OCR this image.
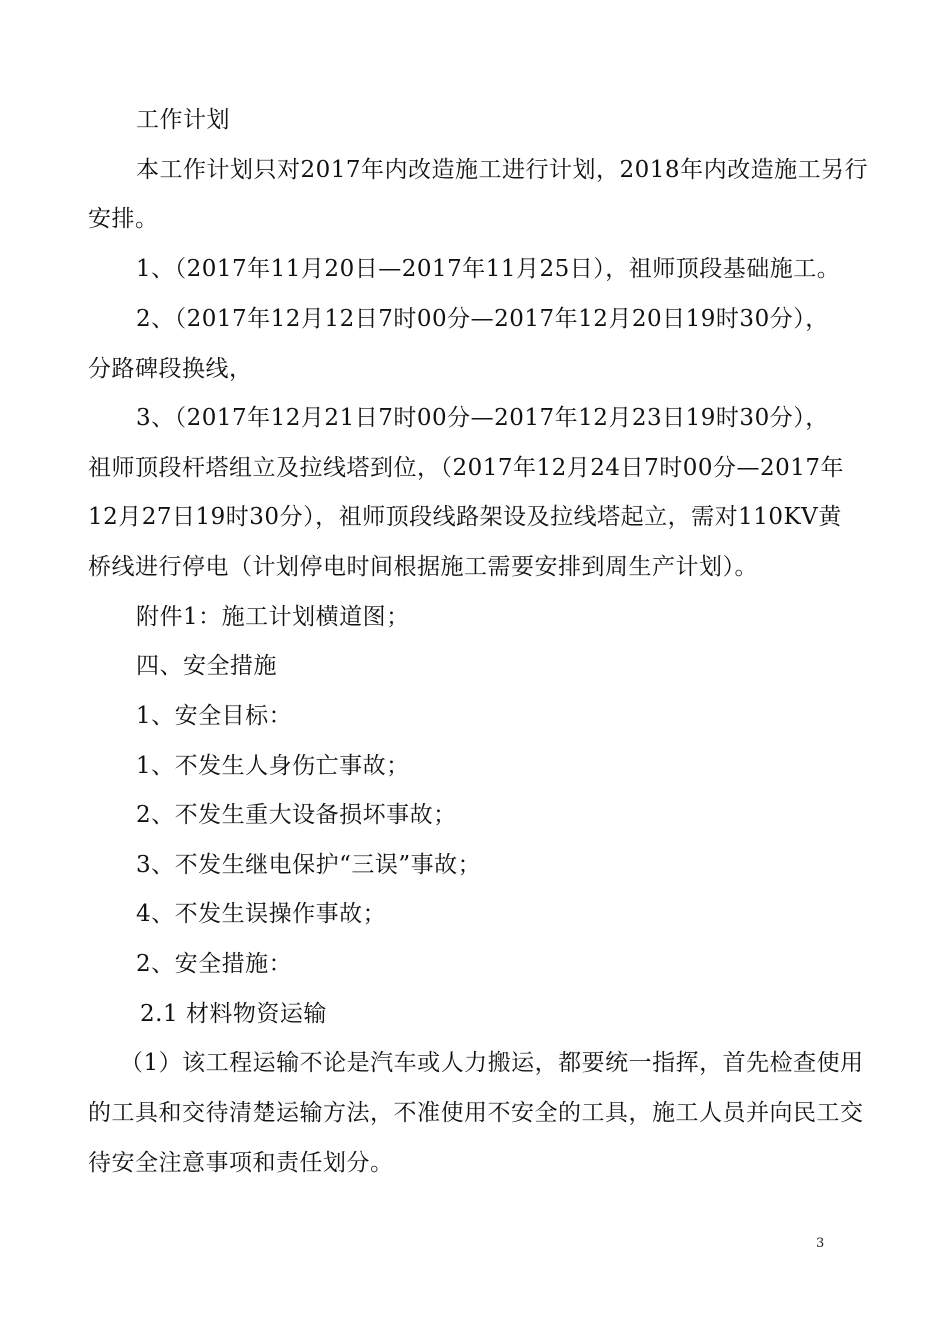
工作计划
本工作计划只对2017年内改造施工进行计划，2018年内改造施工另行
安排。
1、（2017年11月20日—2017年11月25日），祖师顶段基础施工。
2、（2017年12月12日7时00分—2017年12月20日19时30分），
分路碑段换线，
3、（2017年12月21日7时00分—2017年12月23日19时30分），
祖师顶段杆塔组立及拉线塔到位，（2017年12月24日7时00分—2017年
12月27日19时30分），祖师顶段线路架设及拉线塔起立，需对110KV黄
桥线进行停电（计划停电时间根据施工需要安排到周生产计划）。
附件1：施工计划横道图；
四、安全措施
1、安全目标：
1、不发生人身伤亡事故；
2、不发生重大设备损坏事故；
3、不发生继电保护“三误”事故；
4、不发生误操作事故；
2、安全措施：
2.1 材料物资运输
（1）该工程运输不论是汽车或人力搬运，都要统一指挥，首先检查使用
的工具和交待清楚运输方法，不准使用不安全的工具，施工人员并向民工交
待安全注意事项和责任划分。
3
